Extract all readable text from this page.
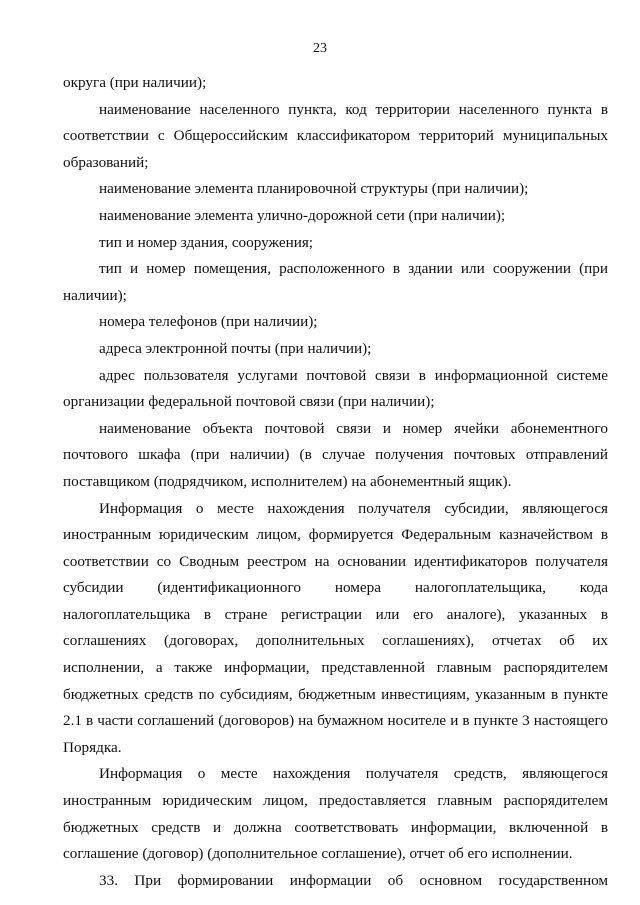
23

округа (при наличии);

наименование населенного пункта, код территории населенного пункта в соответствии с Общероссийским классификатором территорий муниципальных образований;

наименование элемента планировочной структуры (при наличии);

наименование элемента улично-дорожной сети (при наличии);

тип и номер здания, сооружения;

тип и номер помещения, расположенного в здании или сооружении (при наличии);

номера телефонов (при наличии);

адреса электронной почты (при наличии);

адрес пользователя услугами почтовой связи в информационной системе организации федеральной почтовой связи (при наличии);

наименование объекта почтовой связи и номер ячейки абонементного почтового шкафа (при наличии) (в случае получения почтовых отправлений поставщиком (подрядчиком, исполнителем) на абонементный ящик).

Информация о месте нахождения получателя субсидии, являющегося иностранным юридическим лицом, формируется Федеральным казначейством в соответствии со Сводным реестром на основании идентификаторов получателя субсидии (идентификационного номера налогоплательщика, кода налогоплательщика в стране регистрации или его аналоге), указанных в соглашениях (договорах, дополнительных соглашениях), отчетах об их исполнении, а также информации, представленной главным распорядителем бюджетных средств по субсидиям, бюджетным инвестициям, указанным в пункте 2.1 в части соглашений (договоров) на бумажном носителе и в пункте 3 настоящего Порядка.

Информация о месте нахождения получателя средств, являющегося иностранным юридическим лицом, предоставляется главным распорядителем бюджетных средств и должна соответствовать информации, включенной в соглашение (договор) (дополнительное соглашение), отчет об его исполнении.

33. При формировании информации об основном государственном
